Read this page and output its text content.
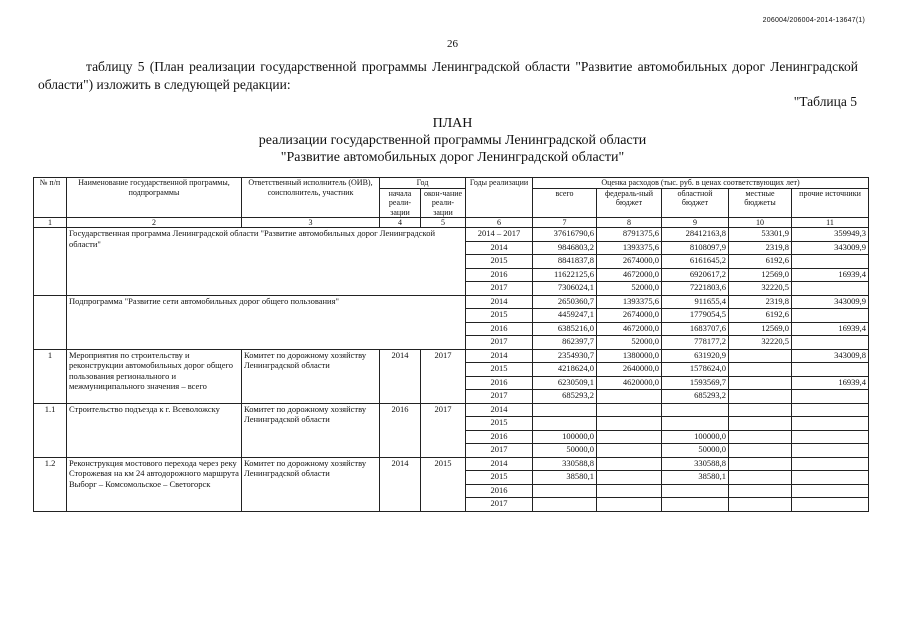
206004/206004-2014-13647(1)
26

таблицу 5 (План реализации государственной программы Ленинградской области "Развитие автомобильных дорог Ленинградской области") изложить в следующей редакции:

"Таблица 5
ПЛАН
реализации государственной программы Ленинградской области
"Развитие автомобильных дорог Ленинградской области"
№ п/п	Наименование государственной программы, подпрограммы	Ответственный исполнитель (ОИВ), соисполнитель, участник	Год		Годы реализации	Оценка расходов (тыс. руб. в ценах соответствующих лет)				
			начала реали-зации	окон-чание реали-зации		всего	федераль-ный бюджет	областной бюджет	местные бюджеты	прочие источники
1	2	3	4	5	6	7	8	9	10	11
	Государственная программа Ленинградской области "Развитие автомобильных дорог Ленинградской области"				2014 – 2017	37616790,6	8791375,6	28412163,8	53301,9	359949,3
					2014	9846803,2	1393375,6	8108097,9	2319,8	343009,9
					2015	8841837,8	2674000,0	6161645,2	6192,6	
					2016	11622125,6	4672000,0	6920617,2	12569,0	16939,4
					2017	7306024,1	52000,0	7221803,6	32220,5	
	Подпрограмма "Развитие сети автомобильных дорог общего пользования"				2014	2650360,7	1393375,6	911655,4	2319,8	343009,9
					2015	4459247,1	2674000,0	1779054,5	6192,6	
					2016	6385216,0	4672000,0	1683707,6	12569,0	16939,4
					2017	862397,7	52000,0	778177,2	32220,5	
1	Мероприятия по строительству и реконструкции автомобильных дорог общего пользования регионального и межмуниципального значения – всего	Комитет по дорожному хозяйству Ленинградской области	2014	2017	2014	2354930,7	1380000,0	631920,9		343009,8
					2015	4218624,0	2640000,0	1578624,0		
					2016	6230509,1	4620000,0	1593569,7		16939,4
					2017	685293,2		685293,2		
1.1	Строительство подъезда к г. Всеволожску	Комитет по дорожному хозяйству Ленинградской области	2016	2017	2014					
					2015					
					2016	100000,0		100000,0		
					2017	50000,0		50000,0		
1.2	Реконструкция мостового перехода через реку Сторожевая на км 24 автодорожного маршрута Выборг – Комсомольское – Светогорск	Комитет по дорожному хозяйству Ленинградской области	2014	2015	2014	330588,8		330588,8		
					2015	38580,1		38580,1		
					2016					
					2017					
